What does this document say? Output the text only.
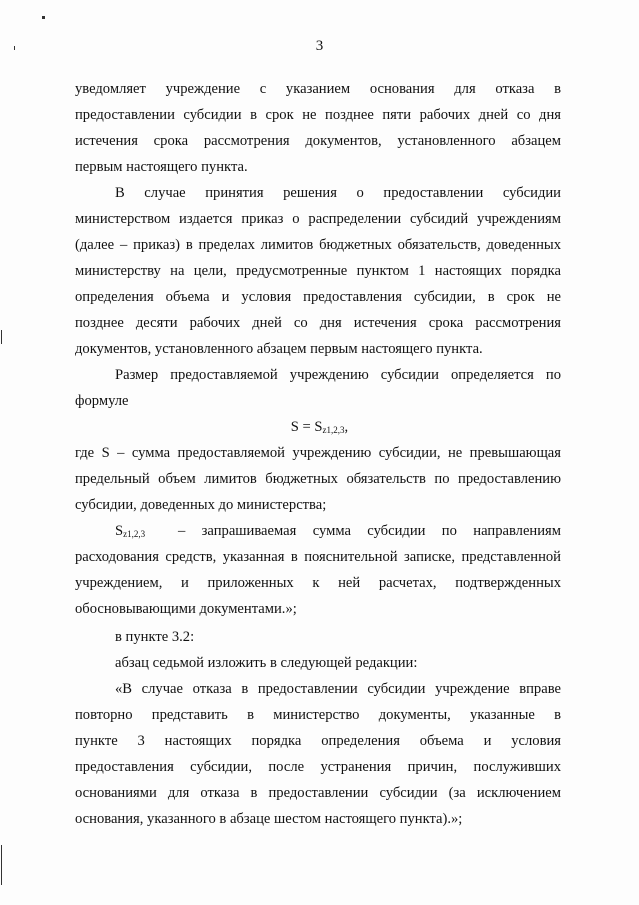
3
уведомляет учреждение с указанием основания для отказа в
предоставлении субсидии в срок не позднее пяти рабочих дней со дня
истечения срока рассмотрения документов, установленного абзацем
первым настоящего пункта.
В случае принятия решения о предоставлении субсидии
министерством издается приказ о распределении субсидий учреждениям
(далее – приказ) в пределах лимитов бюджетных обязательств, доведенных
министерству на цели, предусмотренные пунктом 1 настоящих порядка
определения объема и условия предоставления субсидии, в срок не
позднее десяти рабочих дней со дня истечения срока рассмотрения
документов, установленного абзацем первым настоящего пункта.
Размер предоставляемой учреждению субсидии определяется по
формуле
$S = S_{z1,2,3}$,
где S – сумма предоставляемой учреждению субсидии, не превышающая
предельный объем лимитов бюджетных обязательств по предоставлению
субсидии, доведенных до министерства;
$S_{z1,2,3}$	– запрашиваемая сумма субсидии по направлениям
расходования средств, указанная в пояснительной записке, представленной
учреждением, и приложенных к ней расчетах, подтвержденных
обосновывающими документами.»;
в пункте 3.2:
абзац седьмой изложить в следующей редакции:
«В случае отказа в предоставлении субсидии учреждение вправе
повторно представить в министерство документы, указанные в
пункте 3 настоящих порядка определения объема и условия
предоставления субсидии, после устранения причин, послуживших
основаниями для отказа в предоставлении субсидии (за исключением
основания, указанного в абзаце шестом настоящего пункта).»;
